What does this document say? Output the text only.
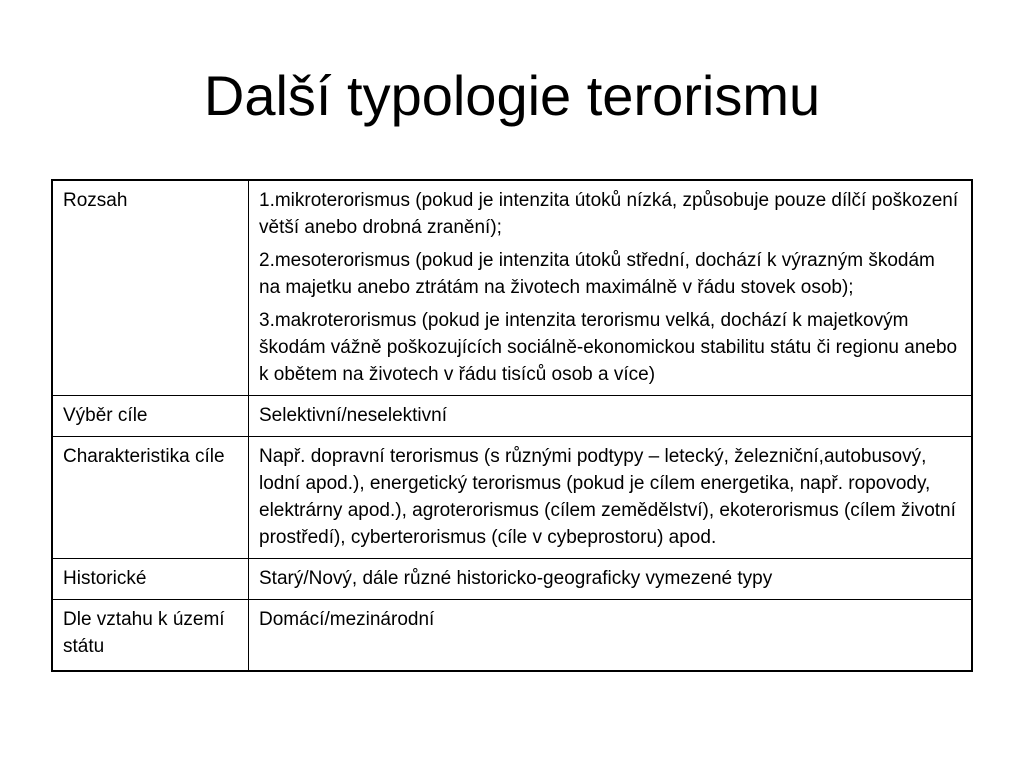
Další typologie terorismu
Rozsah	1.mikroterorismus (pokud je intenzita útoků nízká, způsobuje pouze dílčí poškození větší anebo drobná zranění);
2.mesoterorismus (pokud je intenzita útoků střední, dochází k výrazným škodám na majetku anebo ztrátám na životech maximálně v řádu stovek osob);
3.makroterorismus (pokud je intenzita terorismu velká, dochází k majetkovým škodám vážně poškozujících sociálně-ekonomickou stabilitu státu či regionu anebo k obětem na životech v řádu tisíců osob a více)

Výběr cíle	Selektivní/neselektivní

Charakteristika cíle	Např. dopravní terorismus (s různými podtypy – letecký, železniční,autobusový, lodní apod.), energetický terorismus (pokud je cílem energetika, např. ropovody, elektrárny apod.), agroterorismus (cílem zemědělství), ekoterorismus (cílem životní prostředí), cyberterorismus (cíle v cybeprostoru) apod.

Historické	Starý/Nový, dále různé historicko-geograficky vymezené typy

Dle vztahu k území státu	Domácí/mezinárodní
